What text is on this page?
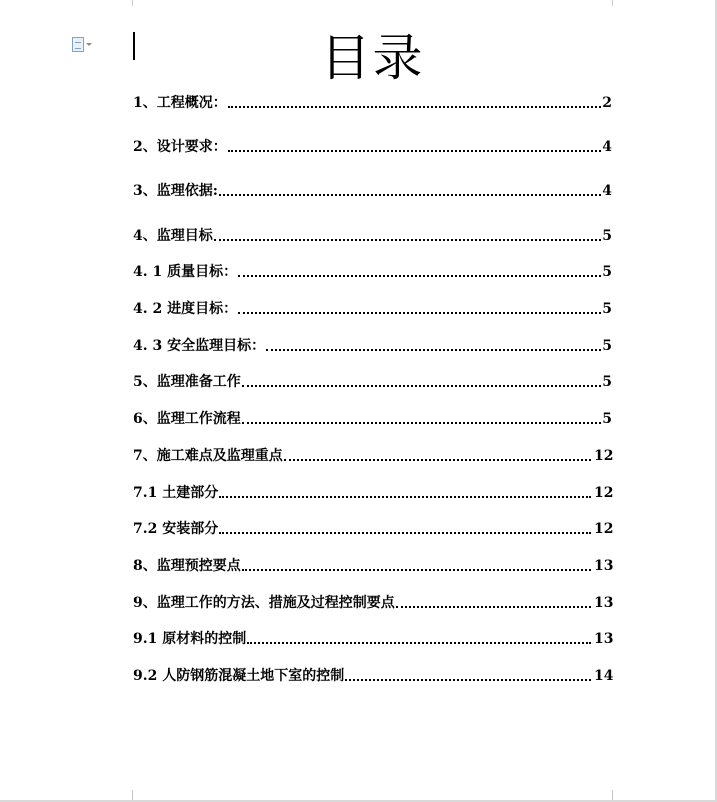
目录
1、工程概况：	2
2、设计要求：	4
3、监理依据:	4
4、监理目标	5
4. 1 质量目标：	5
4. 2 进度目标：	5
4. 3 安全监理目标：	5
5、监理准备工作	5
6、监理工作流程	5
7、施工难点及监理重点	12
7.1 土建部分	12
7.2 安装部分	12
8、监理预控要点	13
9、监理工作的方法、措施及过程控制要点	13
9.1 原材料的控制	13
9.2 人防钢筋混凝土地下室的控制	14
